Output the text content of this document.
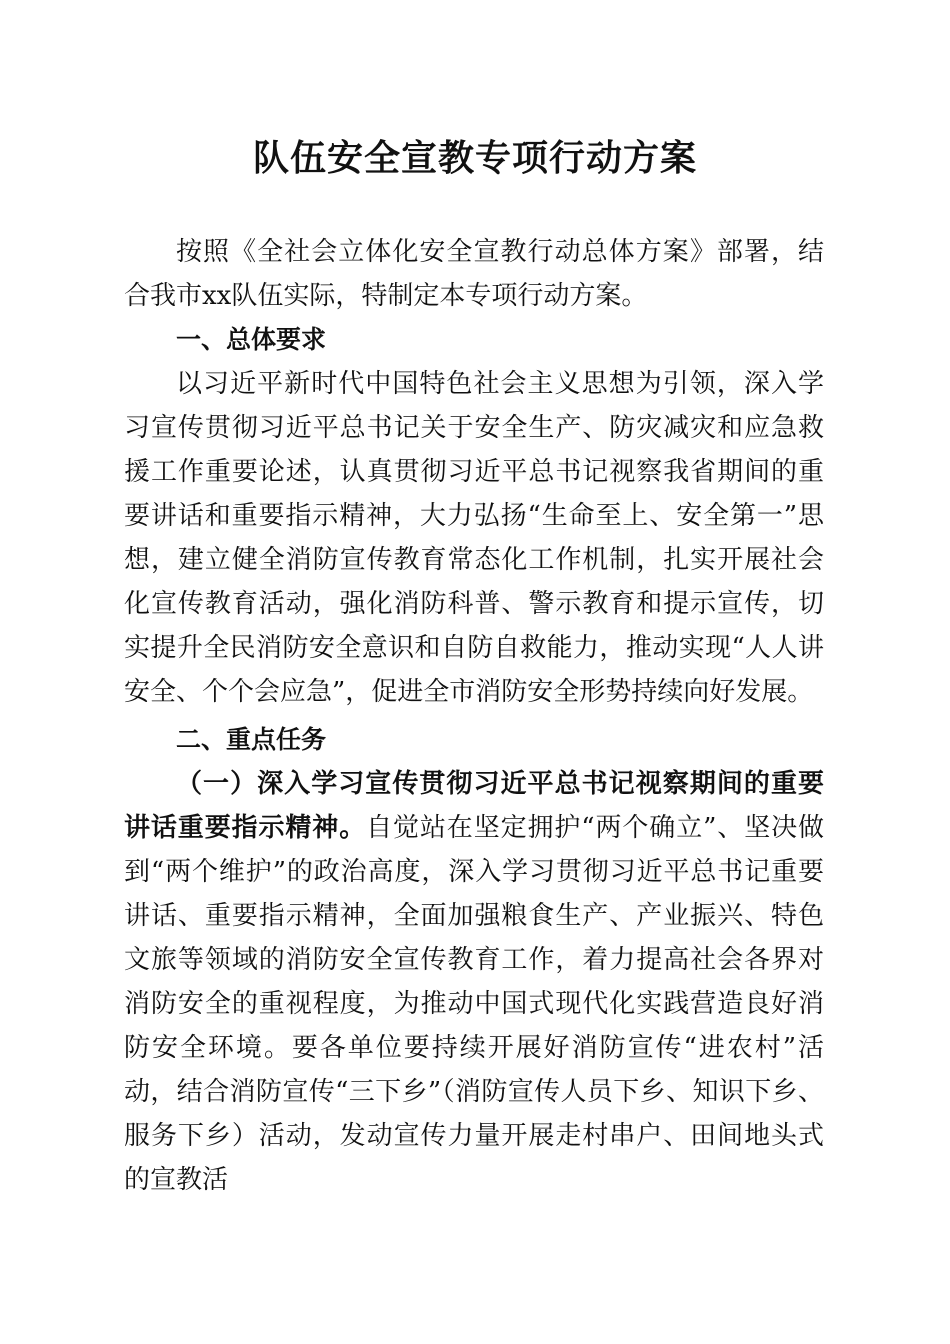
队伍安全宣教专项行动方案

按照《全社会立体化安全宣教行动总体方案》部署，结合我市xx队伍实际，特制定本专项行动方案。

一、总体要求

以习近平新时代中国特色社会主义思想为引领，深入学习宣传贯彻习近平总书记关于安全生产、防灾减灾和应急救援工作重要论述，认真贯彻习近平总书记视察我省期间的重要讲话和重要指示精神，大力弘扬“生命至上、安全第一”思想，建立健全消防宣传教育常态化工作机制，扎实开展社会化宣传教育活动，强化消防科普、警示教育和提示宣传，切实提升全民消防安全意识和自防自救能力，推动实现“人人讲安全、个个会应急”，促进全市消防安全形势持续向好发展。

二、重点任务

（一）深入学习宣传贯彻习近平总书记视察期间的重要讲话重要指示精神。自觉站在坚定拥护“两个确立”、坚决做到“两个维护”的政治高度，深入学习贯彻习近平总书记重要讲话、重要指示精神，全面加强粮食生产、产业振兴、特色文旅等领域的消防安全宣传教育工作，着力提高社会各界对消防安全的重视程度，为推动中国式现代化实践营造良好消防安全环境。要各单位要持续开展好消防宣传“进农村”活动，结合消防宣传“三下乡”（消防宣传人员下乡、知识下乡、服务下乡）活动，发动宣传力量开展走村串户、田间地头式的宣教活
